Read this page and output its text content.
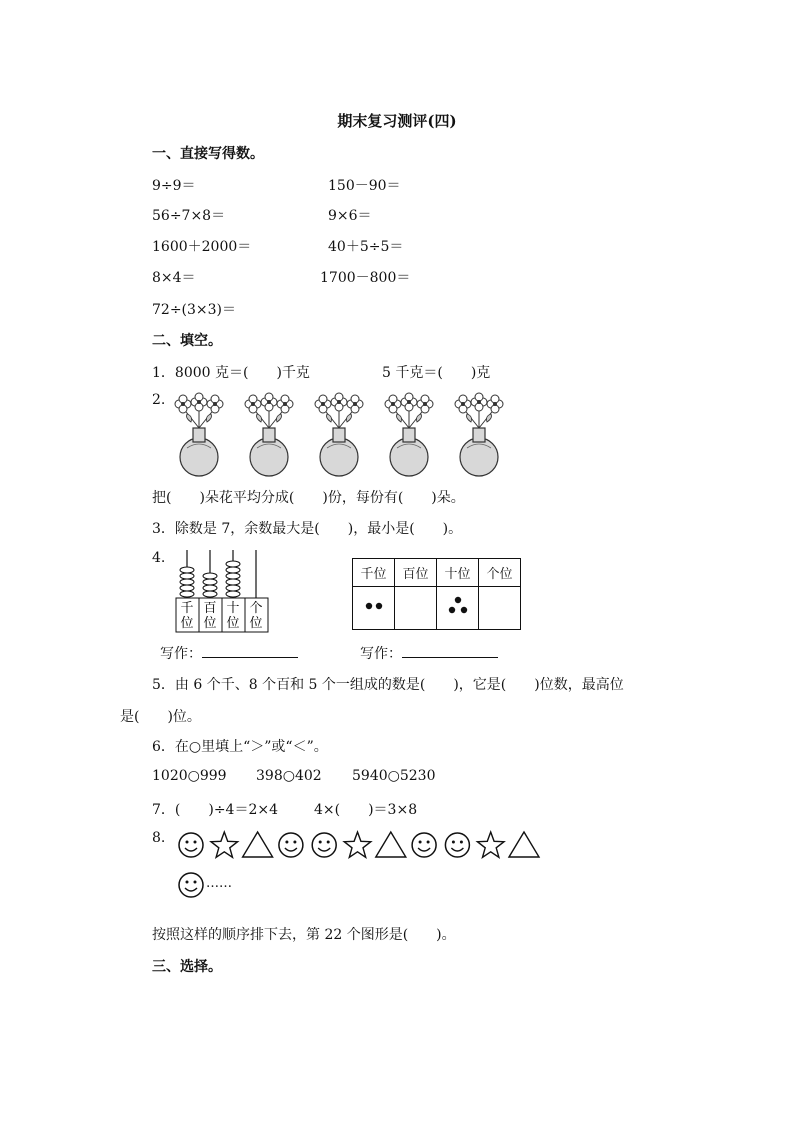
期末复习测评(四)
一、直接写得数。
9÷9＝	150－90＝
56÷7×8＝	9×6＝
1600＋2000＝	40＋5÷5＝
8×4＝	1700－800＝
72÷(3×3)＝
二、填空。
1．8000 克＝(　　)千克	5 千克＝(　　)克
2.
把(　　)朵花平均分成(　　)份，每份有(　　)朵。
3．除数是 7，余数最大是(　　)，最小是(　　)。
4.
千
位
百
位
十
位
个
位
千位	百位	十位	个位

写作：	写作：
5．由 6 个千、8 个百和 5 个一组成的数是(　　)，它是(　　)位数，最高位
是(　　)位。
6．在○里填上“＞”或“＜”。
1020○999 398○402 5940○5230
7．(　　)÷4＝2×4	4×(　　)＝3×8
8.
……
按照这样的顺序排下去，第 22 个图形是(　　)。
三、选择。
